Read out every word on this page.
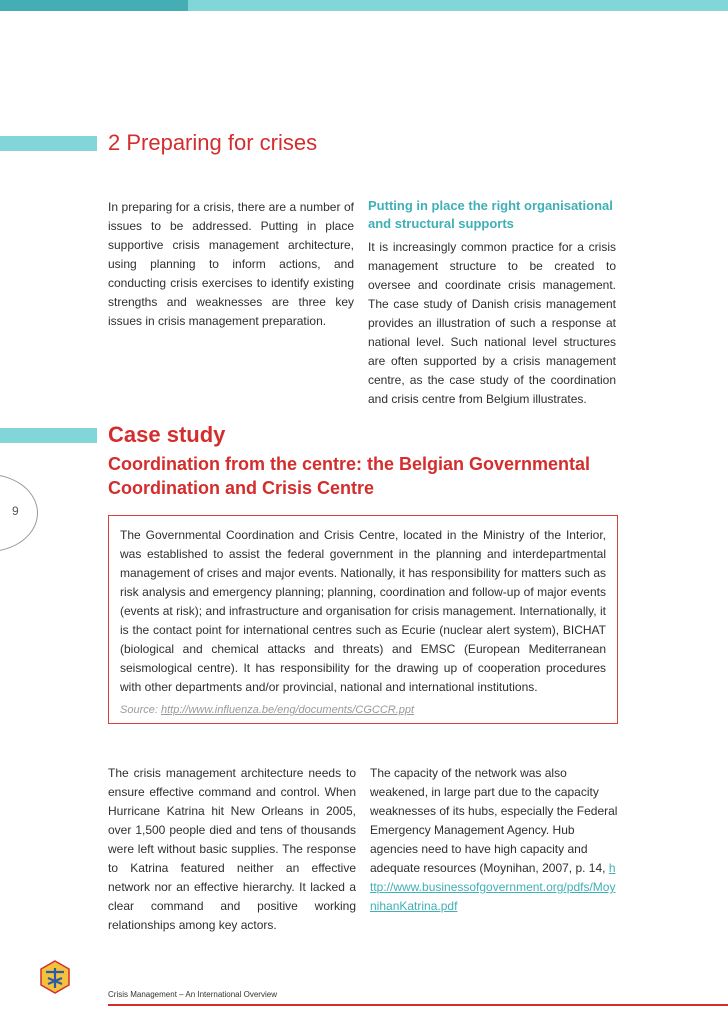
2 Preparing for crises

In preparing for a crisis, there are a number of issues to be addressed. Putting in place supportive crisis management architecture, using planning to inform actions, and conducting crisis exercises to identify existing strengths and weaknesses are three key issues in crisis management preparation.

Putting in place the right organisational and structural supports

It is increasingly common practice for a crisis management structure to be created to oversee and coordinate crisis management. The case study of Danish crisis management provides an illustration of such a response at national level. Such national level structures are often supported by a crisis management centre, as the case study of the coordination and crisis centre from Belgium illustrates.

Case study
Coordination from the centre: the Belgian Governmental Coordination and Crisis Centre
9

The Governmental Coordination and Crisis Centre, located in the Ministry of the Interior, was established to assist the federal government in the planning and interdepartmental management of crises and major events. Nationally, it has responsibility for matters such as risk analysis and emergency planning; planning, coordination and follow-up of major events (events at risk); and infrastructure and organisation for crisis management. Internationally, it is the contact point for international centres such as Ecurie (nuclear alert system), BICHAT (biological and chemical attacks and threats) and EMSC (European Mediterranean seismological centre). It has responsibility for the drawing up of cooperation procedures with other departments and/or provincial, national and international institutions.

Source: http://www.influenza.be/eng/documents/CGCCR.ppt

The crisis management architecture needs to ensure effective command and control. When Hurricane Katrina hit New Orleans in 2005, over 1,500 people died and tens of thousands were left without basic supplies. The response to Katrina featured neither an effective network nor an effective hierarchy. It lacked a clear command and positive working relationships among key actors.

The capacity of the network was also weakened, in large part due to the capacity weaknesses of its hubs, especially the Federal Emergency Management Agency. Hub agencies need to have high capacity and adequate resources (Moynihan, 2007, p. 14, http://www.businessofgovernment.org/pdfs/MoynihanKatrina.pdf

Crisis Management – An International Overview
